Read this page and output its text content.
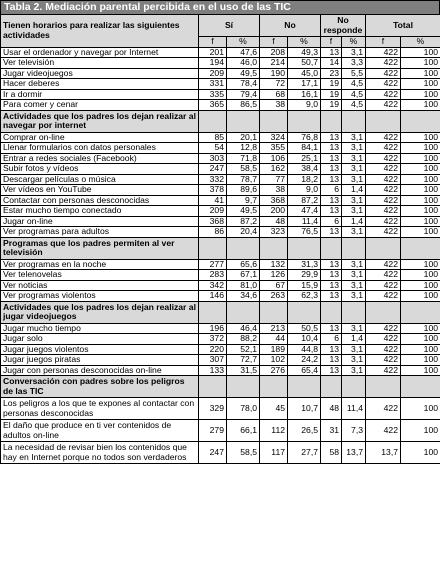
Tabla 2. Mediación parental percibida en el uso de las TIC
Tienen horarios para realizar las siguientes actividades	Sí		No		No responde		Total	
	f	%	f	%	f	%	f	%
Usar el ordenador y navegar por Internet	201	47,6	208	49,3	13	3,1	422	100
Ver televisión	194	46,0	214	50,7	14	3,3	422	100
Jugar videojuegos	209	49,5	190	45,0	23	5,5	422	100
Hacer deberes	331	78,4	72	17,1	19	4,5	422	100
Ir a dormir	335	79,4	68	16,1	19	4,5	422	100
Para comer y cenar	365	86,5	38	9,0	19	4,5	422	100
Actividades que los padres los dejan realizar al navegar por internet								
Comprar on-line	85	20,1	324	76,8	13	3,1	422	100
Llenar formularios con datos personales	54	12,8	355	84,1	13	3,1	422	100
Entrar a redes sociales (Facebook)	303	71,8	106	25,1	13	3,1	422	100
Subir fotos y vídeos	247	58,5	162	38,4	13	3,1	422	100
Descargar películas o música	332	78,7	77	18,2	13	3,1	422	100
Ver vídeos en YouTube	378	89,6	38	9,0	6	1,4	422	100
Contactar con personas desconocidas	41	9,7	368	87,2	13	3,1	422	100
Estar mucho tiempo conectado	209	49,5	200	47,4	13	3,1	422	100
Jugar on-line	368	87,2	48	11,4	6	1,4	422	100
Ver programas para adultos	86	20,4	323	76,5	13	3,1	422	100
Programas que los padres permiten al ver televisión								
Ver programas en la noche	277	65,6	132	31,3	13	3,1	422	100
Ver telenovelas	283	67,1	126	29,9	13	3,1	422	100
Ver noticias	342	81,0	67	15,9	13	3,1	422	100
Ver programas violentos	146	34,6	263	62,3	13	3,1	422	100
Actividades que los padres los dejan realizar al jugar videojuegos								
Jugar mucho tiempo	196	46,4	213	50,5	13	3,1	422	100
Jugar solo	372	88,2	44	10,4	6	1,4	422	100
Jugar juegos violentos	220	52,1	189	44,8	13	3,1	422	100
Jugar juegos piratas	307	72,7	102	24,2	13	3,1	422	100
Jugar con personas desconocidas on-line	133	31,5	276	65,4	13	3,1	422	100
Conversación con padres sobre los peligros de las TIC								
Los peligros a los que te expones al contactar con personas desconocidas	329	78,0	45	10,7	48	11,4	422	100
El daño que produce en ti ver contenidos de adultos on-line	279	66,1	112	26,5	31	7,3	422	100
La necesidad de revisar bien los contenidos que hay en Internet porque no todos son verdaderos	247	58,5	117	27,7	58	13,7	13,7	100
